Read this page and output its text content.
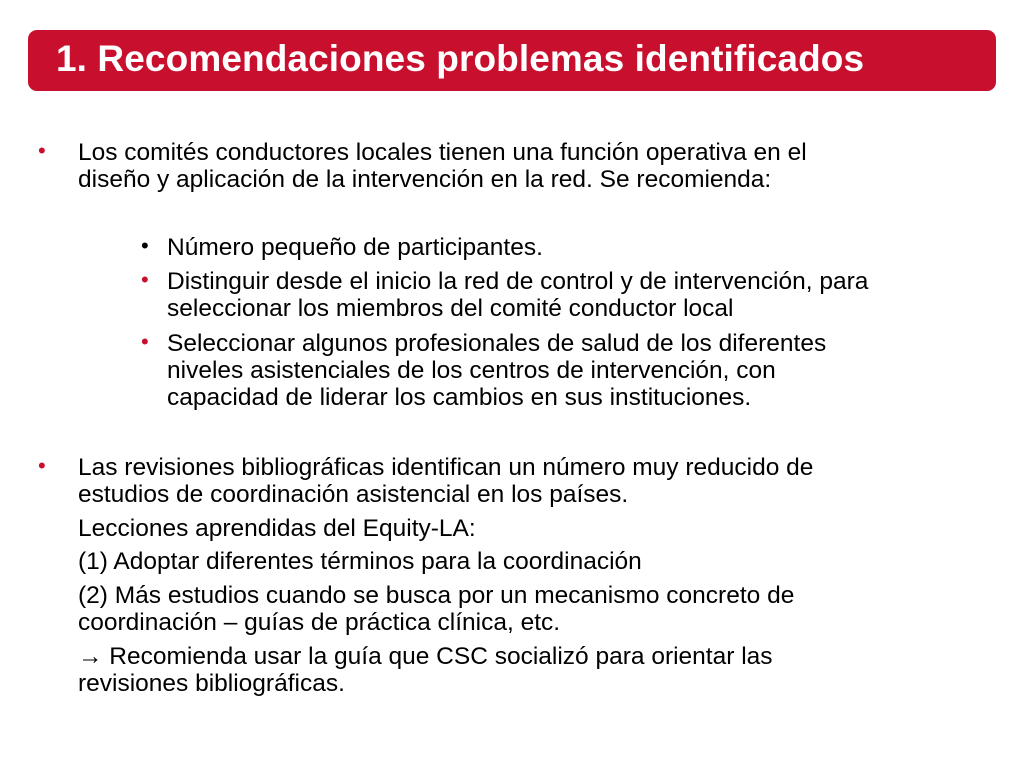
1. Recomendaciones problemas identificados
• Los comités conductores locales tienen una función operativa en el
diseño y aplicación de la intervención en la red. Se recomienda:
• Número pequeño de participantes.
• Distinguir desde el inicio la red de control y de intervención, para
seleccionar los miembros del comité conductor local
• Seleccionar algunos profesionales de salud de los diferentes
niveles asistenciales de los centros de intervención, con
capacidad de liderar los cambios en sus instituciones.
• Las revisiones bibliográficas identifican un número muy reducido de
estudios de coordinación asistencial en los países.
Lecciones aprendidas del Equity-LA:
(1) Adoptar diferentes términos para la coordinación
(2) Más estudios cuando se busca por un mecanismo concreto de
coordinación – guías de práctica clínica, etc.
→ Recomienda usar la guía que CSC socializó para orientar las
revisiones bibliográficas.
